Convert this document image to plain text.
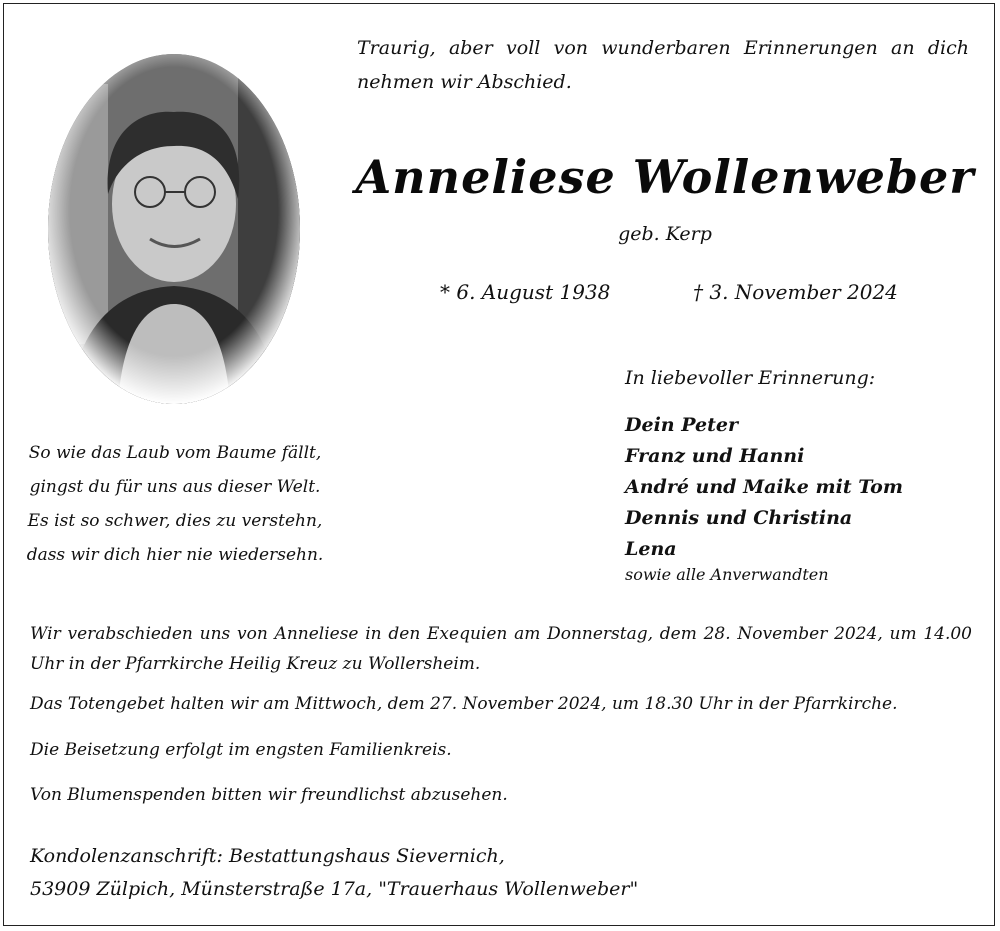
Traurig, aber voll von wunderbaren Erinnerungen an dich nehmen wir Abschied.
Anneliese Wollenweber
geb. Kerp
* 6. August 1938	† 3. November 2024
In liebevoller Erinnerung:
Dein Peter
Franz und Hanni
André und Maike mit Tom
Dennis und Christina
Lena
sowie alle Anverwandten
So wie das Laub vom Baume fällt,
gingst du für uns aus dieser Welt.
Es ist so schwer, dies zu verstehn,
dass wir dich hier nie wiedersehn.
Wir verabschieden uns von Anneliese in den Exequien am Donnerstag, dem 28. November 2024, um 14.00 Uhr in der Pfarrkirche Heilig Kreuz zu Wollersheim.
Das Totengebet halten wir am Mittwoch, dem 27. November 2024, um 18.30 Uhr in der Pfarrkirche.
Die Beisetzung erfolgt im engsten Familienkreis.
Von Blumenspenden bitten wir freundlichst abzusehen.
Kondolenzanschrift: Bestattungshaus Sievernich,
53909 Zülpich, Münsterstraße 17a, "Trauerhaus Wollenweber"
